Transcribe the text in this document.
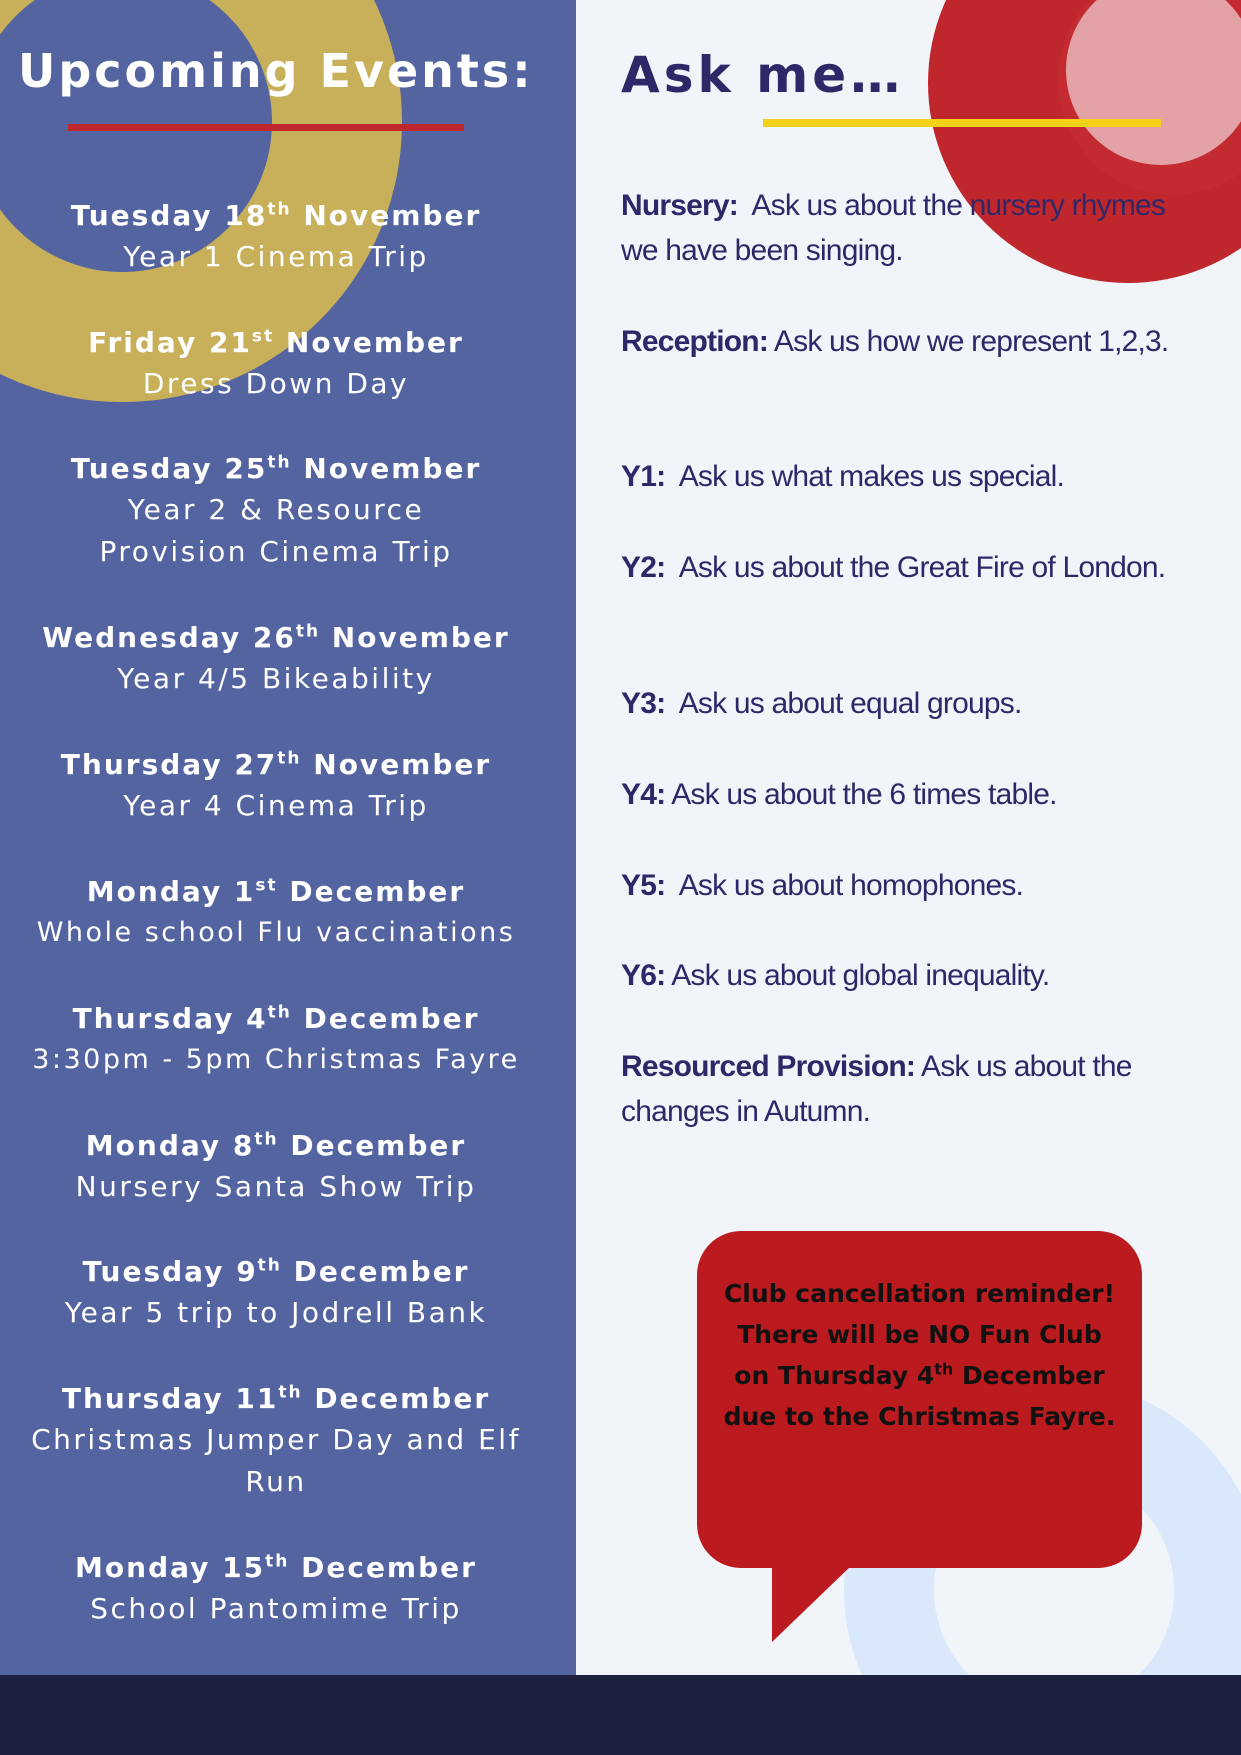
Upcoming Events:
Tuesday 18th November
Year 1 Cinema Trip
Friday 21st November
Dress Down Day
Tuesday 25th November
Year 2 & Resource Provision Cinema Trip
Wednesday 26th November
Year 4/5 Bikeability
Thursday 27th November
Year 4 Cinema Trip
Monday 1st December
Whole school Flu vaccinations
Thursday 4th December
3:30pm - 5pm Christmas Fayre
Monday 8th December
Nursery Santa Show Trip
Tuesday 9th December
Year 5 trip to Jodrell Bank
Thursday 11th December
Christmas Jumper Day and Elf Run
Monday 15th December
School Pantomime Trip
Ask me…
Nursery: Ask us about the nursery rhymes we have been singing.
Reception: Ask us how we represent 1,2,3.
Y1: Ask us what makes us special.
Y2: Ask us about the Great Fire of London.
Y3: Ask us about equal groups.
Y4: Ask us about the 6 times table.
Y5: Ask us about homophones.
Y6: Ask us about global inequality.
Resourced Provision: Ask us about the changes in Autumn.
Club cancellation reminder! There will be NO Fun Club on Thursday 4th December due to the Christmas Fayre.
